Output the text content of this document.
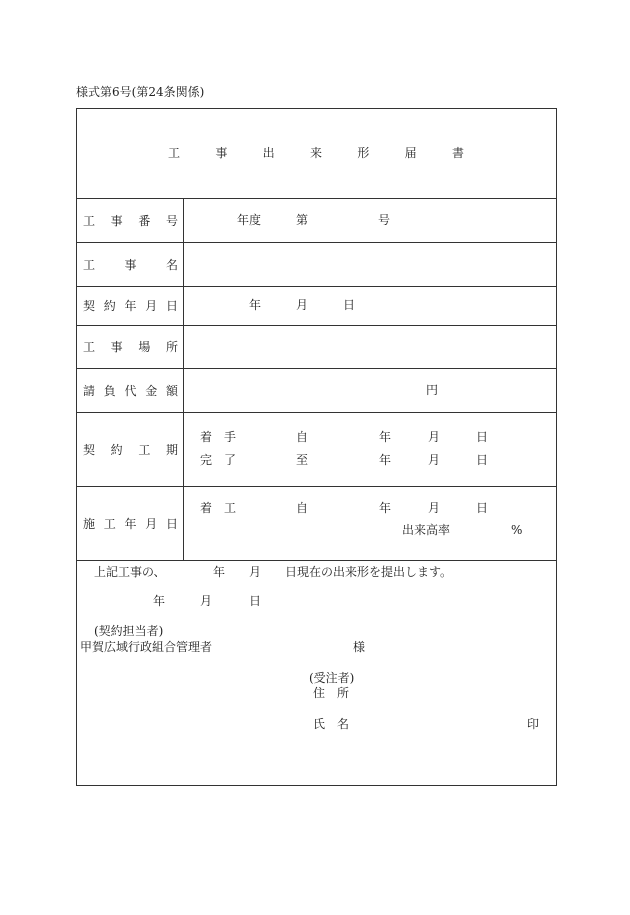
様式第6号(第24条関係)
工	事	出	来	形	届	書
工 事 番 号	年度	第	号
工 事 名
契 約 年 月 日	年	月	日
工 事 場 所
請 負 代 金 額	円
契 約 工 期
着　手	自	年	月	日
完　了	至	年	月	日
施 工 年 月 日
着　工	自	年	月	日
出来高率	%
上記工事の、	年 月 日現在の出来形を提出します。
年	月	日
(契約担当者)
甲賀広域行政組合管理者	様
(受注者)
住　所
氏　名	印
